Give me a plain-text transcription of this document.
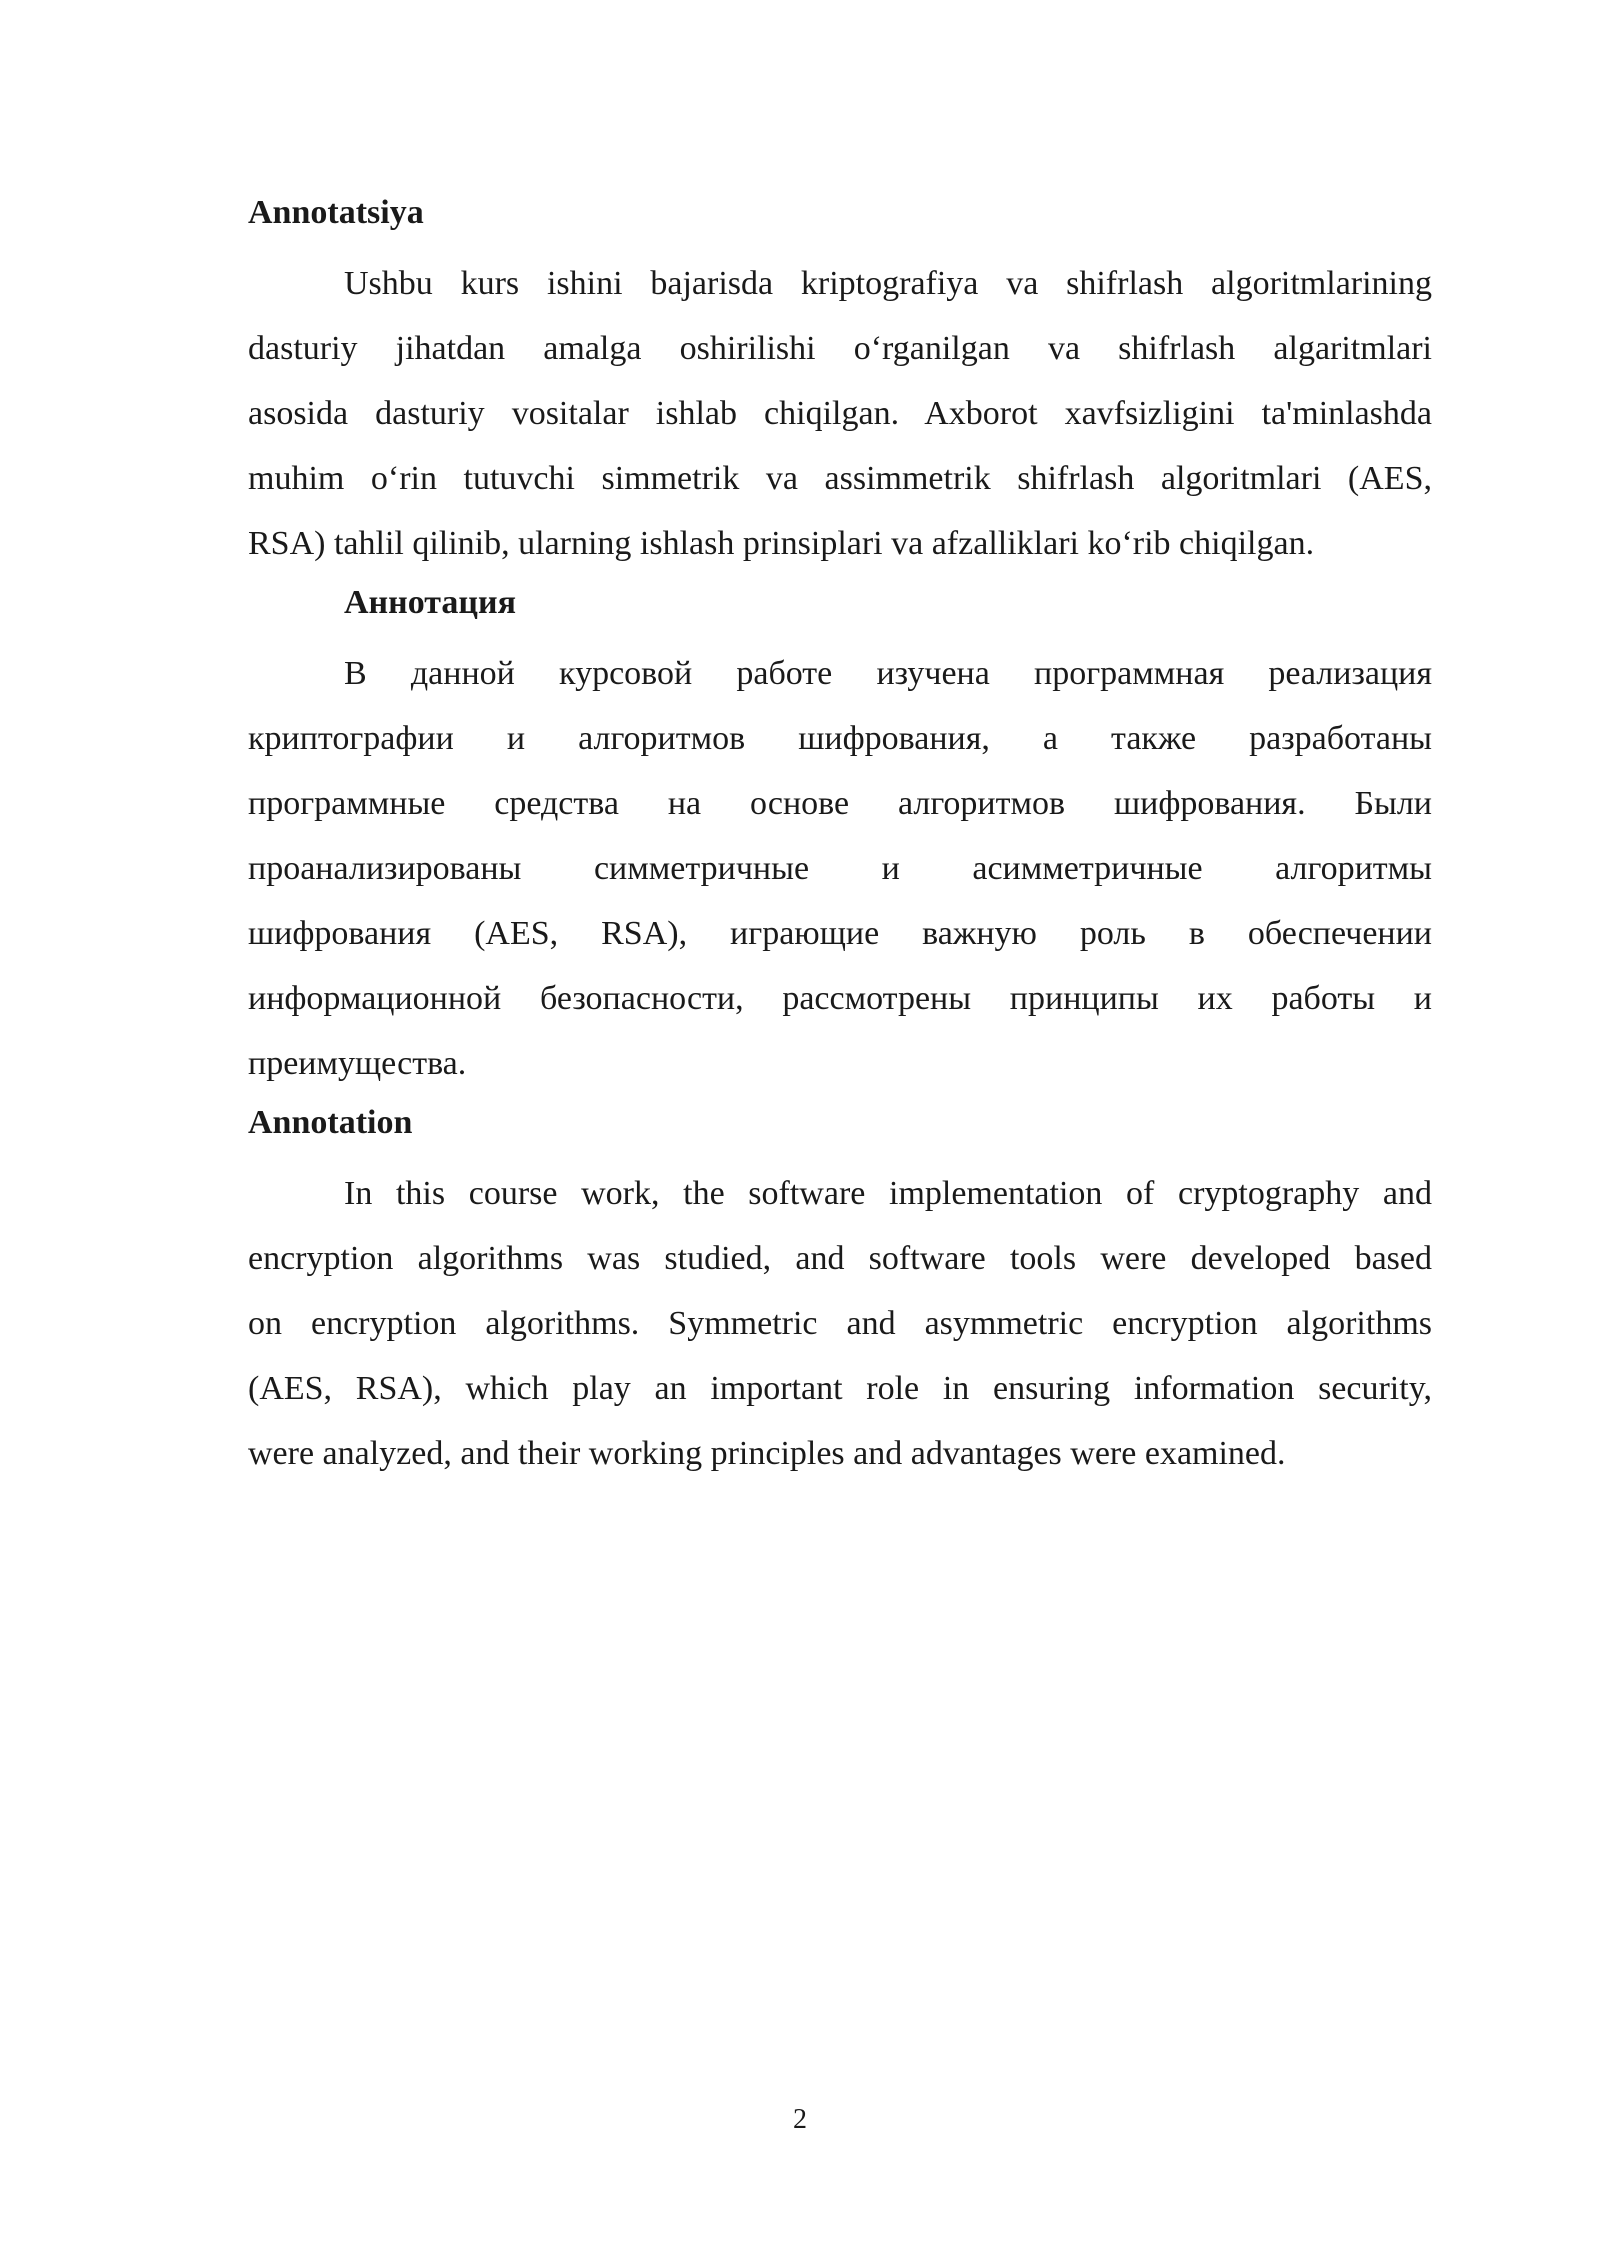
Annotatsiya
Ushbu kurs ishini bajarisda kriptografiya va shifrlash algoritmlarining
dasturiy jihatdan amalga oshirilishi o‘rganilgan va shifrlash algaritmlari
asosida dasturiy vositalar ishlab chiqilgan. Axborot xavfsizligini ta'minlashda
muhim o‘rin tutuvchi simmetrik va assimmetrik shifrlash algoritmlari (AES,
RSA) tahlil qilinib, ularning ishlash prinsiplari va afzalliklari ko‘rib chiqilgan.
Аннотация
В данной курсовой работе изучена программная реализация
криптографии и алгоритмов шифрования, а также разработаны
программные средства на основе алгоритмов шифрования. Были
проанализированы симметричные и асимметричные алгоритмы
шифрования (AES, RSA), играющие важную роль в обеспечении
информационной безопасности, рассмотрены принципы их работы и
преимущества.
Annotation
In this course work, the software implementation of cryptography and
encryption algorithms was studied, and software tools were developed based
on encryption algorithms. Symmetric and asymmetric encryption algorithms
(AES, RSA), which play an important role in ensuring information security,
were analyzed, and their working principles and advantages were examined.
2
